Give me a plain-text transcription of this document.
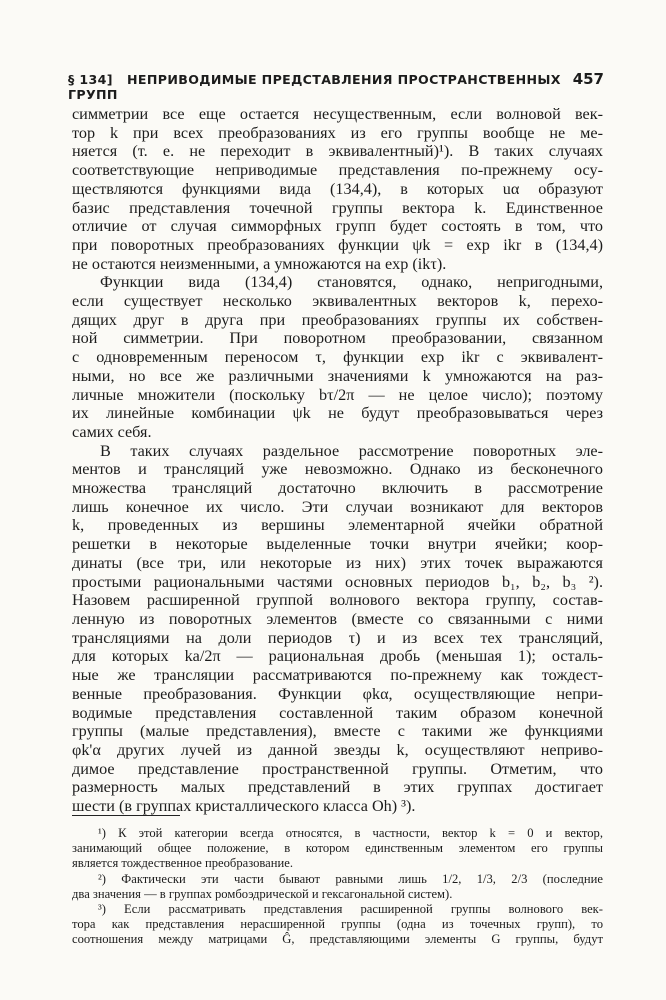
§ 134] НЕПРИВОДИМЫЕ ПРЕДСТАВЛЕНИЯ ПРОСТРАНСТВЕННЫХ ГРУПП
457

симметрии все еще остается несущественным, если волновой век-

тор k при всех преобразованиях из его группы вообще не ме-

няется (т. е. не переходит в эквивалентный)¹). В таких случаях

соответствующие неприводимые представления по-прежнему осу-

ществляются функциями вида (134,4), в которых uα образуют

базис представления точечной группы вектора k. Единственное

отличие от случая симморфных групп будет состоять в том, что

при поворотных преобразованиях функции ψk = exp ikr в (134,4)

не остаются неизменными, а умножаются на exp (ikτ).

Функции вида (134,4) становятся, однако, непригодными,

если существует несколько эквивалентных векторов k, перехо-

дящих друг в друга при преобразованиях группы их собствен-

ной симметрии. При поворотном преобразовании, связанном

с одновременным переносом τ, функции exp ikr с эквивалент-

ными, но все же различными значениями k умножаются на раз-

личные множители (поскольку bτ/2π — не целое число); поэтому

их линейные комбинации ψk не будут преобразовываться через

самих себя.

В таких случаях раздельное рассмотрение поворотных эле-

ментов и трансляций уже невозможно. Однако из бесконечного

множества трансляций достаточно включить в рассмотрение

лишь конечное их число. Эти случаи возникают для векторов

k, проведенных из вершины элементарной ячейки обратной

решетки в некоторые выделенные точки внутри ячейки; коор-

динаты (все три, или некоторые из них) этих точек выражаются

простыми рациональными частями основных периодов b₁, b₂, b₃ ²).

Назовем расширенной группой волнового вектора группу, состав-

ленную из поворотных элементов (вместе со связанными с ними

трансляциями на доли периодов τ) и из всех тех трансляций,

для которых ka/2π — рациональная дробь (меньшая 1); осталь-

ные же трансляции рассматриваются по-прежнему как тождест-

венные преобразования. Функции φkα, осуществляющие непри-

водимые представления составленной таким образом конечной

группы (малые представления), вместе с такими же функциями

φk'α других лучей из данной звезды k, осуществляют неприво-

димое представление пространственной группы. Отметим, что

размерность малых представлений в этих группах достигает

шести (в группах кристаллического класса Oh) ³).

¹) К этой категории всегда относятся, в частности, вектор k = 0 и вектор,

занимающий общее положение, в котором единственным элементом его группы

является тождественное преобразование.

²) Фактически эти части бывают равными лишь 1/2, 1/3, 2/3 (последние

два значения — в группах ромбоэдрической и гексагональной систем).

³) Если рассматривать представления расширенной группы волнового век-

тора как представления нерасширенной группы (одна из точечных групп), то

соотношения между матрицами Ĝ, представляющими элементы G группы, будут
